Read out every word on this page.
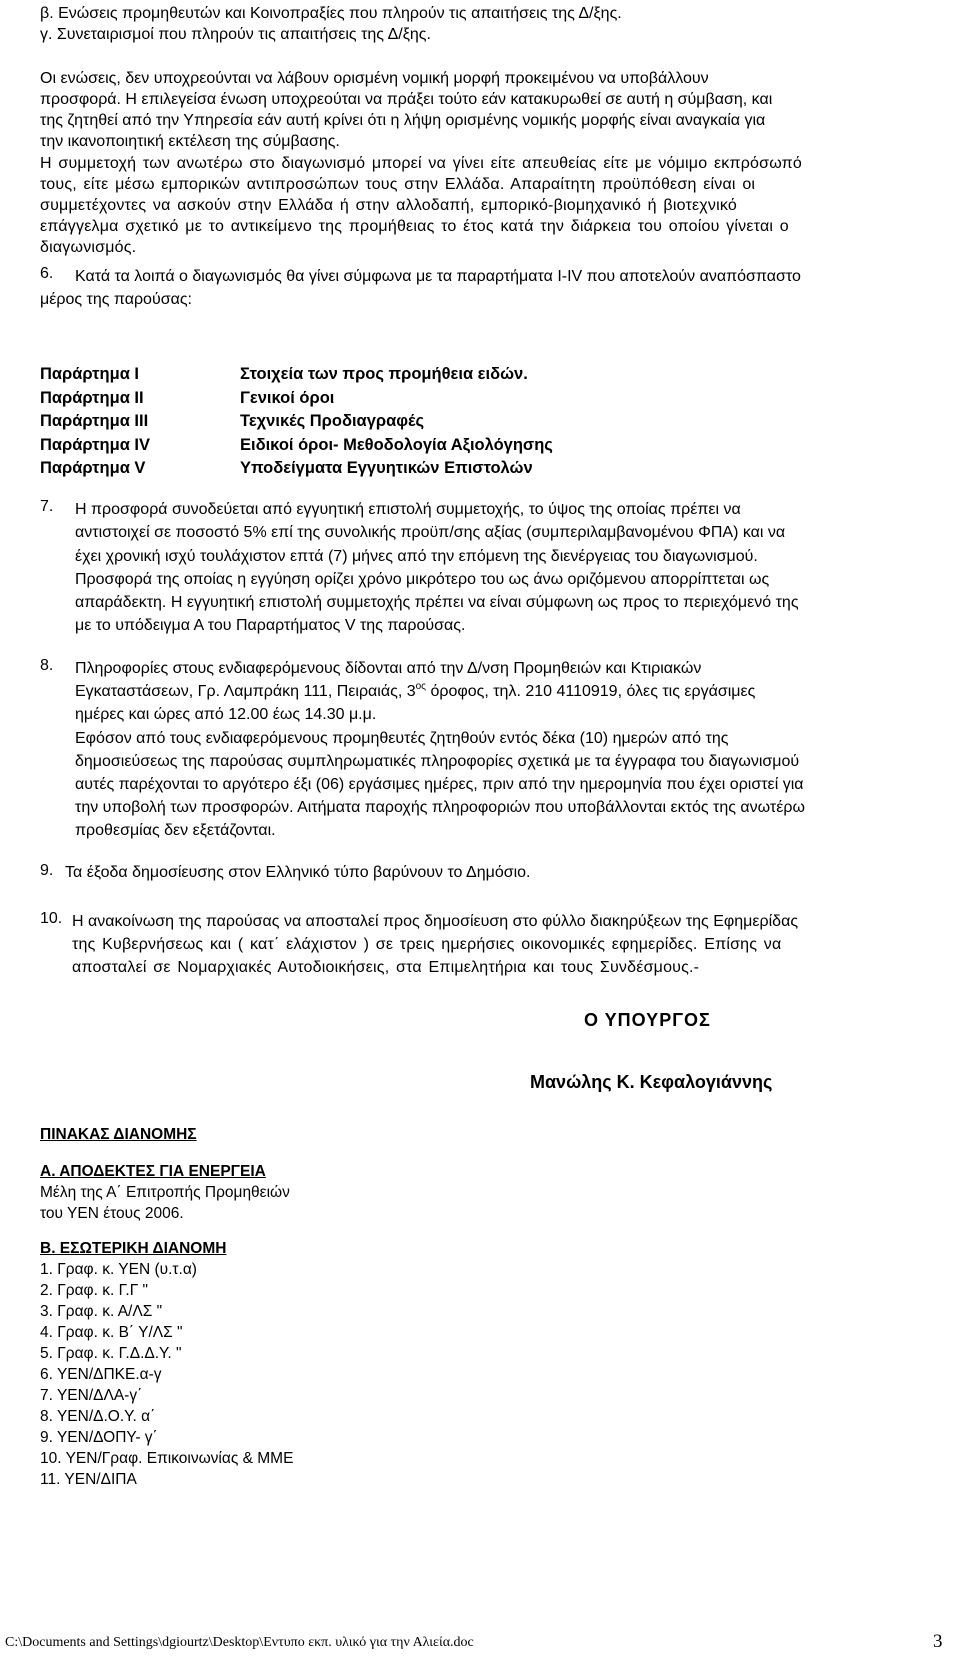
β. Ενώσεις προμηθευτών και Κοινοπραξίες που πληρούν τις απαιτήσεις της Δ/ξης.

γ. Συνεταιρισμοί που πληρούν τις απαιτήσεις της Δ/ξης.

Οι ενώσεις, δεν υποχρεούνται να λάβουν ορισμένη νομική μορφή προκειμένου να υποβάλλουν

προσφορά. Η επιλεγείσα ένωση υποχρεούται να πράξει τούτο εάν κατακυρωθεί σε αυτή η σύμβαση, και

της ζητηθεί από την Υπηρεσία εάν αυτή κρίνει ότι η λήψη ορισμένης νομικής μορφής είναι αναγκαία για

την ικανοποιητική εκτέλεση της σύμβασης.

Η συμμετοχή των ανωτέρω στο διαγωνισμό μπορεί να γίνει είτε απευθείας είτε με νόμιμο εκπρόσωπό

τους, είτε μέσω εμπορικών αντιπροσώπων τους στην Ελλάδα. Απαραίτητη προϋπόθεση είναι οι

συμμετέχοντες να ασκούν στην Ελλάδα ή στην αλλοδαπή, εμπορικό-βιομηχανικό ή βιοτεχνικό

επάγγελμα σχετικό με το αντικείμενο της προμήθειας το έτος κατά την διάρκεια του οποίου γίνεται ο

διαγωνισμός.

6. Κατά τα λοιπά ο διαγωνισμός θα γίνει σύμφωνα με τα παραρτήματα I-IV που αποτελούν αναπόσπαστο

μέρος της παρούσας:

Παράρτημα I	Στοιχεία των προς προμήθεια ειδών.
Παράρτημα II	Γενικοί όροι
Παράρτημα III	Τεχνικές Προδιαγραφές
Παράρτημα IV	Ειδικοί όροι- Μεθοδολογία Αξιολόγησης
Παράρτημα V	Υποδείγματα Εγγυητικών Επιστολών
7. Η προσφορά συνοδεύεται από εγγυητική επιστολή συμμετοχής, το ύψος της οποίας πρέπει να

αντιστοιχεί σε ποσοστό 5% επί της συνολικής προϋπ/σης αξίας (συμπεριλαμβανομένου ΦΠΑ) και να

έχει χρονική ισχύ τουλάχιστον επτά (7) μήνες από την επόμενη της διενέργειας του διαγωνισμού.

Προσφορά της οποίας η εγγύηση ορίζει χρόνο μικρότερο του ως άνω οριζόμενου απορρίπτεται ως

απαράδεκτη. Η εγγυητική επιστολή συμμετοχής πρέπει να είναι σύμφωνη ως προς το περιεχόμενό της

με το υπόδειγμα Α του Παραρτήματος V της παρούσας.

8. Πληροφορίες στους ενδιαφερόμενους δίδονται από την Δ/νση Προμηθειών και Κτιριακών

Εγκαταστάσεων, Γρ. Λαμπράκη 111, Πειραιάς, $3^{o\varsigma}$ όροφος, τηλ. 210 4110919, όλες τις εργάσιμες

ημέρες και ώρες από 12.00 έως 14.30 μ.μ.

Εφόσον από τους ενδιαφερόμενους προμηθευτές ζητηθούν εντός δέκα (10) ημερών από της

δημοσιεύσεως της παρούσας συμπληρωματικές πληροφορίες σχετικά με τα έγγραφα του διαγωνισμού

αυτές παρέχονται το αργότερο έξι (06) εργάσιμες ημέρες, πριν από την ημερομηνία που έχει οριστεί για

την υποβολή των προσφορών. Αιτήματα παροχής πληροφοριών που υποβάλλονται εκτός της ανωτέρω

προθεσμίας δεν εξετάζονται.

9. Τα έξοδα δημοσίευσης στον Ελληνικό τύπο βαρύνουν το Δημόσιο.

10. Η ανακοίνωση της παρούσας να αποσταλεί προς δημοσίευση στο φύλλο διακηρύξεων της Εφημερίδας

της Κυβερνήσεως και ( κατ΄ ελάχιστον ) σε τρεις ημερήσιες οικονομικές εφημερίδες. Επίσης να

αποσταλεί σε Νομαρχιακές Αυτοδιοικήσεις, στα Επιμελητήρια και τους Συνδέσμους.-

Ο ΥΠΟΥΡΓΟΣ
Μανώλης Κ. Κεφαλογιάννης
ΠΙΝΑΚΑΣ ΔΙΑΝΟΜΗΣ
Α. ΑΠΟΔΕΚΤΕΣ ΓΙΑ ΕΝΕΡΓΕΙΑ
Μέλη της Α΄ Επιτροπής Προμηθειών
του ΥΕΝ έτους 2006.
Β. ΕΣΩΤΕΡΙΚΗ ΔΙΑΝΟΜΗ
1. Γραφ. κ. ΥΕΝ (υ.τ.α)
2. Γραφ. κ. Γ.Γ "
3. Γραφ. κ. Α/ΛΣ "
4. Γραφ. κ. Β΄ Υ/ΛΣ "
5. Γραφ. κ. Γ.Δ.Δ.Υ. "
6. ΥΕΝ/ΔΠΚΕ.α-γ
7. ΥΕΝ/ΔΛΑ-γ΄
8. ΥΕΝ/Δ.Ο.Υ. α΄
9. ΥΕΝ/ΔΟΠΥ- γ΄
10. ΥΕΝ/Γραφ. Επικοινωνίας & ΜΜΕ
11. ΥΕΝ/ΔΙΠΑ
C:\Documents and Settings\dgiourtz\Desktop\Εντυπο εκπ. υλικό για την Αλιεία.doc	3
